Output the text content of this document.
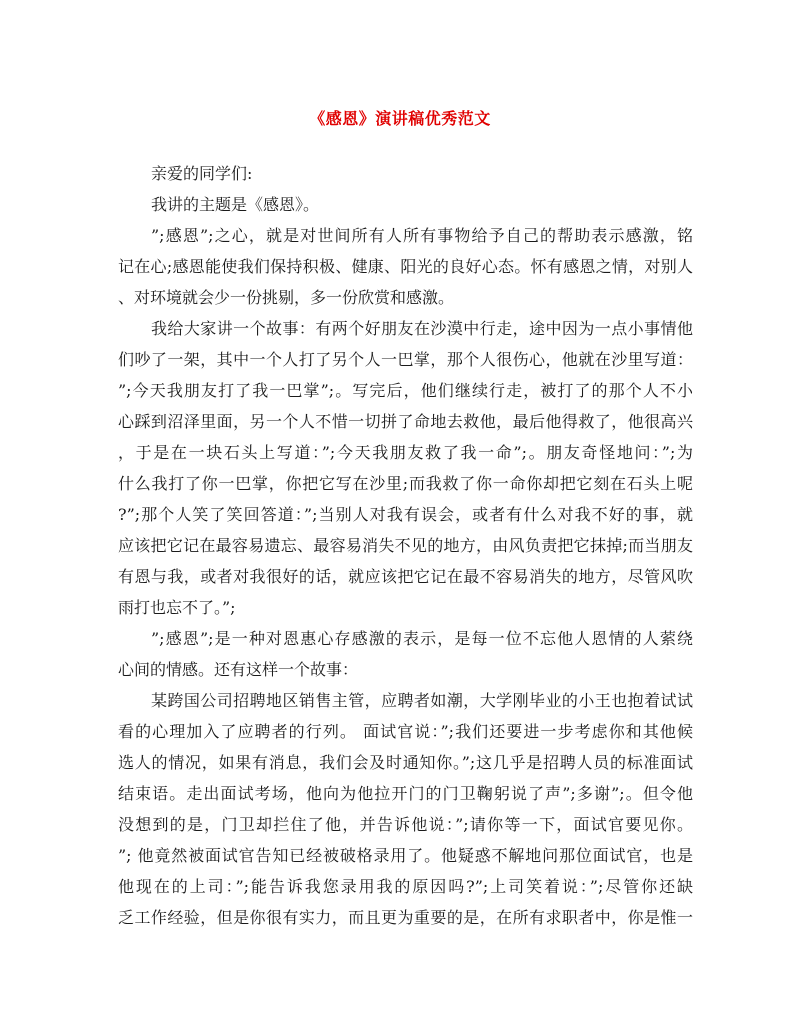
《感恩》演讲稿优秀范文
亲爱的同学们:
我讲的主题是《感恩》。
”;感恩”;之心，就是对世间所有人所有事物给予自己的帮助表示感激，铭
记在心;感恩能使我们保持积极、健康、阳光的良好心态。怀有感恩之情，对别人
、对环境就会少一份挑剔，多一份欣赏和感激。
我给大家讲一个故事：有两个好朋友在沙漠中行走，途中因为一点小事情他
们吵了一架，其中一个人打了另个人一巴掌，那个人很伤心，他就在沙里写道：
”;今天我朋友打了我一巴掌”;。写完后，他们继续行走，被打了的那个人不小
心踩到沼泽里面，另一个人不惜一切拼了命地去救他，最后他得救了，他很高兴
，于是在一块石头上写道：”;今天我朋友救了我一命”;。朋友奇怪地问：”;为
什么我打了你一巴掌，你把它写在沙里;而我救了你一命你却把它刻在石头上呢
?”;那个人笑了笑回答道：”;当别人对我有误会，或者有什么对我不好的事，就
应该把它记在最容易遗忘、最容易消失不见的地方，由风负责把它抹掉;而当朋友
有恩与我，或者对我很好的话，就应该把它记在最不容易消失的地方，尽管风吹
雨打也忘不了。”;
”;感恩”;是一种对恩惠心存感激的表示，是每一位不忘他人恩情的人萦绕
心间的情感。还有这样一个故事：
某跨国公司招聘地区销售主管，应聘者如潮，大学刚毕业的小王也抱着试试
看的心理加入了应聘者的行列。 面试官说：”;我们还要进一步考虑你和其他候
选人的情况，如果有消息，我们会及时通知你。”;这几乎是招聘人员的标准面试
结束语。走出面试考场，他向为他拉开门的门卫鞠躬说了声”;多谢”;。但令他
没想到的是，门卫却拦住了他，并告诉他说：”;请你等一下，面试官要见你。
”; 他竟然被面试官告知已经被破格录用了。他疑惑不解地问那位面试官，也是
他现在的上司：”;能告诉我您录用我的原因吗?”;上司笑着说：”;尽管你还缺
乏工作经验，但是你很有实力，而且更为重要的是，在所有求职者中，你是惟一
